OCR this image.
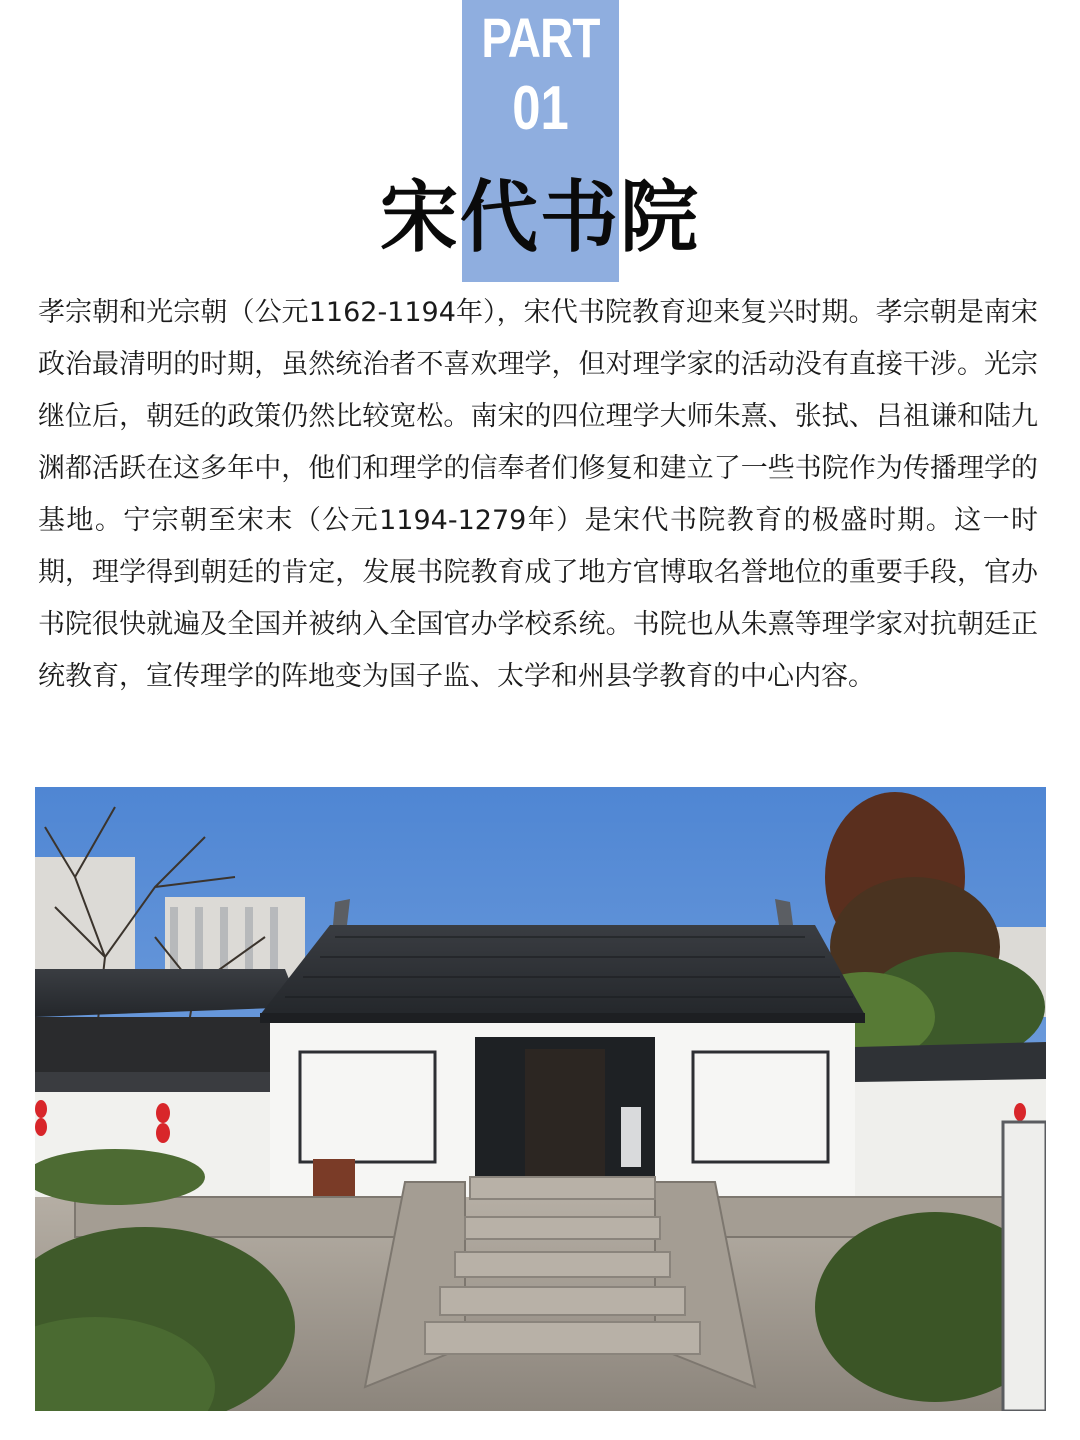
PART
01
宋代书院

孝宗朝和光宗朝（公元1162-1194年），宋代书院教育迎来复兴时期。孝宗朝是南宋政治最清明的时期，虽然统治者不喜欢理学，但对理学家的活动没有直接干涉。光宗继位后，朝廷的政策仍然比较宽松。南宋的四位理学大师朱熹、张拭、吕祖谦和陆九渊都活跃在这多年中，他们和理学的信奉者们修复和建立了一些书院作为传播理学的基地。宁宗朝至宋末（公元1194-1279年）是宋代书院教育的极盛时期。这一时期，理学得到朝廷的肯定，发展书院教育成了地方官博取名誉地位的重要手段，官办书院很快就遍及全国并被纳入全国官办学校系统。书院也从朱熹等理学家对抗朝廷正统教育，宣传理学的阵地变为国子监、太学和州县学教育的中心内容。
